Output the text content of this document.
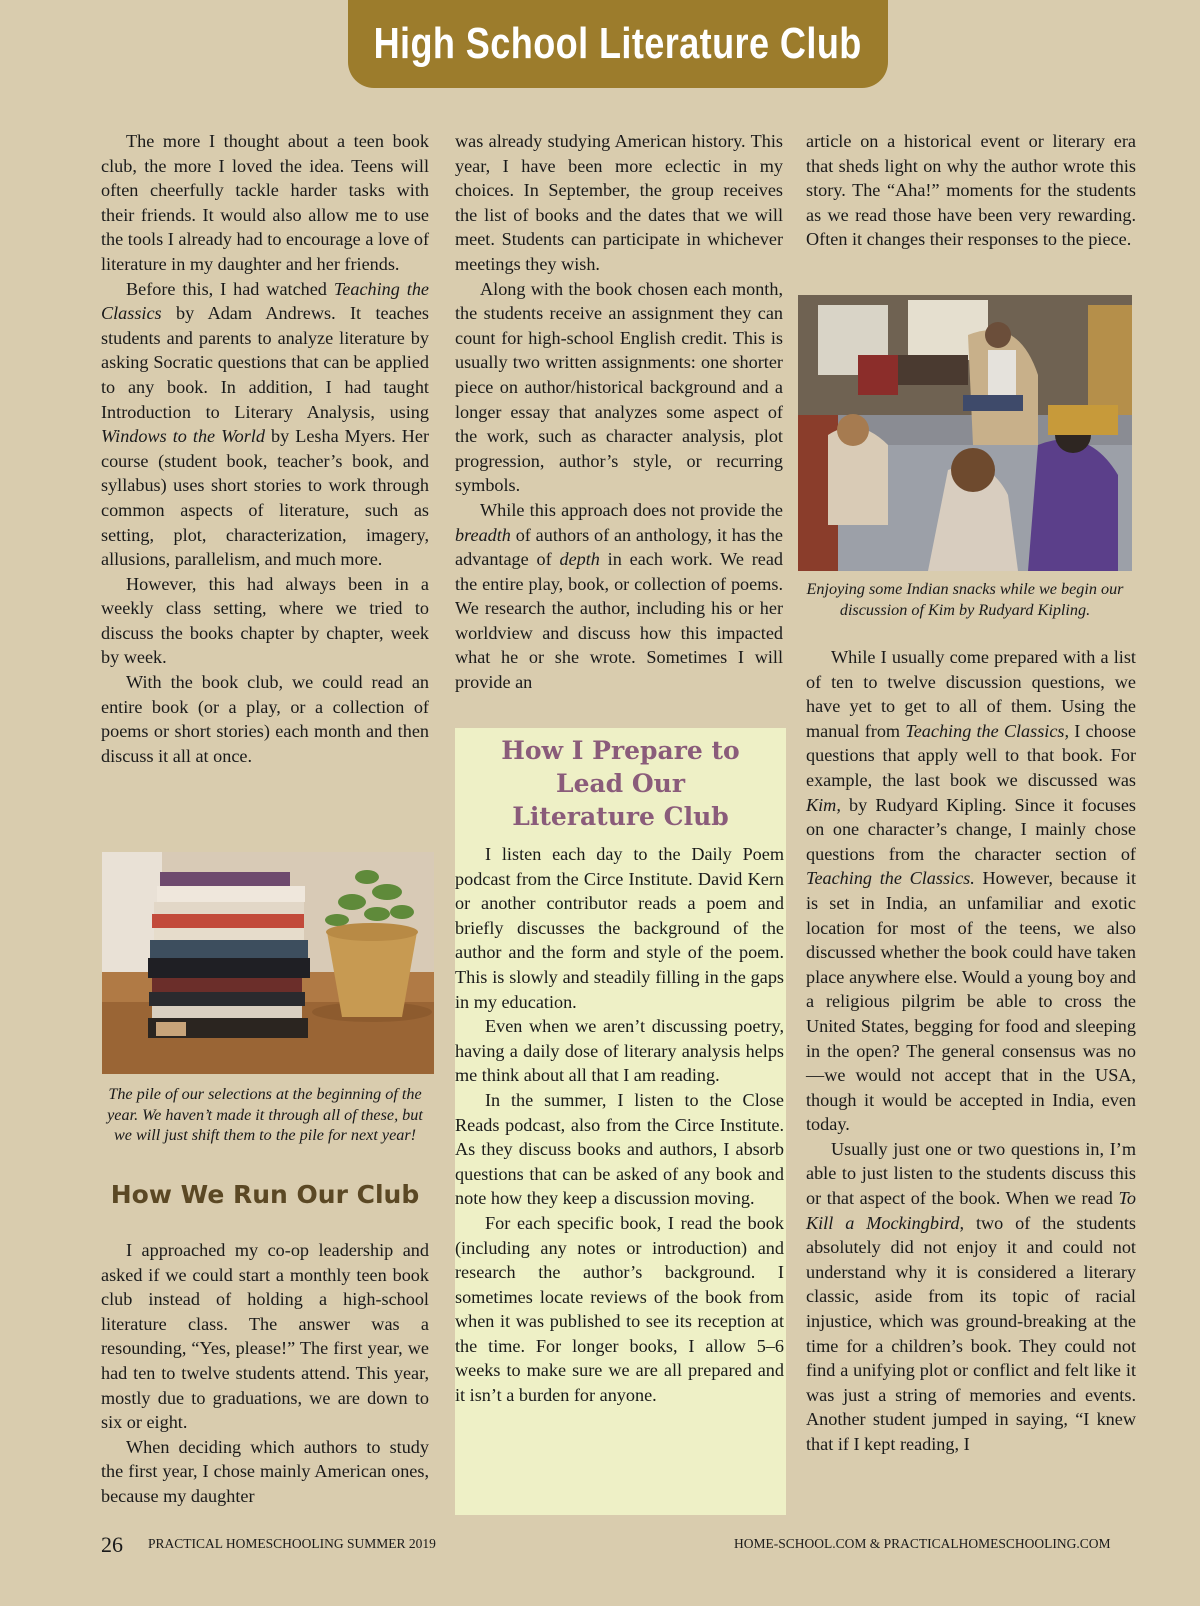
High School Literature Club

The more I thought about a teen book club, the more I loved the idea. Teens will often cheerfully tackle harder tasks with their friends. It would also allow me to use the tools I already had to encourage a love of literature in my daughter and her friends.

Before this, I had watched Teaching the Classics by Adam Andrews. It teaches students and parents to analyze literature by asking Socratic questions that can be applied to any book. In addition, I had taught Introduction to Literary Analysis, using Windows to the World by Lesha Myers. Her course (student book, teacher’s book, and syllabus) uses short stories to work through common aspects of literature, such as setting, plot, characterization, imagery, allusions, parallelism, and much more.

However, this had always been in a weekly class setting, where we tried to discuss the books chapter by chapter, week by week.

With the book club, we could read an entire book (or a play, or a collection of poems or short stories) each month and then discuss it all at once.

The pile of our selections at the beginning of the year. We haven’t made it through all of these, but we will just shift them to the pile for next year!
How We Run Our Club

I approached my co-op leadership and asked if we could start a monthly teen book club instead of holding a high-school literature class. The answer was a resounding, “Yes, please!” The first year, we had ten to twelve students attend. This year, mostly due to graduations, we are down to six or eight.

When deciding which authors to study the first year, I chose mainly American ones, because my daughter

was already studying American history. This year, I have been more eclectic in my choices. In September, the group receives the list of books and the dates that we will meet. Students can participate in whichever meetings they wish.

Along with the book chosen each month, the students receive an assignment they can count for high-school English credit. This is usually two written assignments: one shorter piece on author/historical background and a longer essay that analyzes some aspect of the work, such as character analysis, plot progression, author’s style, or recurring symbols.

While this approach does not provide the breadth of authors of an anthology, it has the advantage of depth in each work. We read the entire play, book, or collection of poems. We research the author, including his or her worldview and discuss how this impacted what he or she wrote. Sometimes I will provide an

How I Prepare to
Lead Our
Literature Club

I listen each day to the Daily Poem podcast from the Circe Institute. David Kern or another contributor reads a poem and briefly discusses the background of the author and the form and style of the poem. This is slowly and steadily filling in the gaps in my education.

Even when we aren’t discussing poetry, having a daily dose of literary analysis helps me think about all that I am reading.

In the summer, I listen to the Close Reads podcast, also from the Circe Institute. As they discuss books and authors, I absorb questions that can be asked of any book and note how they keep a discussion moving.

For each specific book, I read the book (including any notes or introduction) and research the author’s background. I sometimes locate reviews of the book from when it was published to see its reception at the time. For longer books, I allow 5–6 weeks to make sure we are all prepared and it isn’t a burden for anyone.

article on a historical event or literary era that sheds light on why the author wrote this story. The “Aha!” moments for the students as we read those have been very rewarding. Often it changes their responses to the piece.

Enjoying some Indian snacks while we begin our discussion of Kim by Rudyard Kipling.

While I usually come prepared with a list of ten to twelve discussion questions, we have yet to get to all of them. Using the manual from Teaching the Classics, I choose questions that apply well to that book. For example, the last book we discussed was Kim, by Rudyard Kipling. Since it focuses on one character’s change, I mainly chose questions from the character section of Teaching the Classics. However, because it is set in India, an unfamiliar and exotic location for most of the teens, we also discussed whether the book could have taken place anywhere else. Would a young boy and a religious pilgrim be able to cross the United States, begging for food and sleeping in the open? The general consensus was no—we would not accept that in the USA, though it would be accepted in India, even today.

Usually just one or two questions in, I’m able to just listen to the students discuss this or that aspect of the book. When we read To Kill a Mockingbird, two of the students absolutely did not enjoy it and could not understand why it is considered a literary classic, aside from its topic of racial injustice, which was ground-breaking at the time for a children’s book. They could not find a unifying plot or conflict and felt like it was just a string of memories and events. Another student jumped in saying, “I knew that if I kept reading, I

26 PRACTICAL HOMESCHOOLING SUMMER 2019	HOME-SCHOOL.COM & PRACTICALHOMESCHOOLING.COM
